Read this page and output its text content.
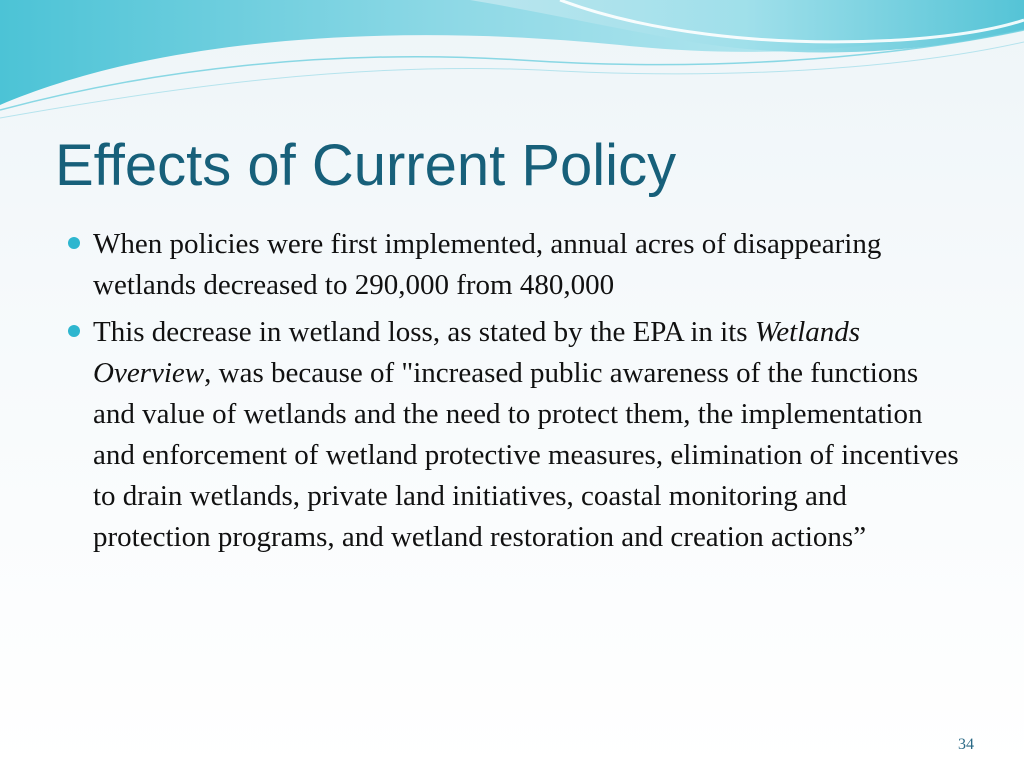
Effects of Current Policy
When policies were first implemented, annual acres of disappearing wetlands decreased to 290,000 from 480,000
This decrease in wetland loss, as stated by the EPA in its Wetlands Overview, was because of "increased public awareness of the functions and value of wetlands and the need to protect them, the implementation and enforcement of wetland protective measures, elimination of incentives to drain wetlands, private land initiatives, coastal monitoring and protection programs, and wetland restoration and creation actions”
34
